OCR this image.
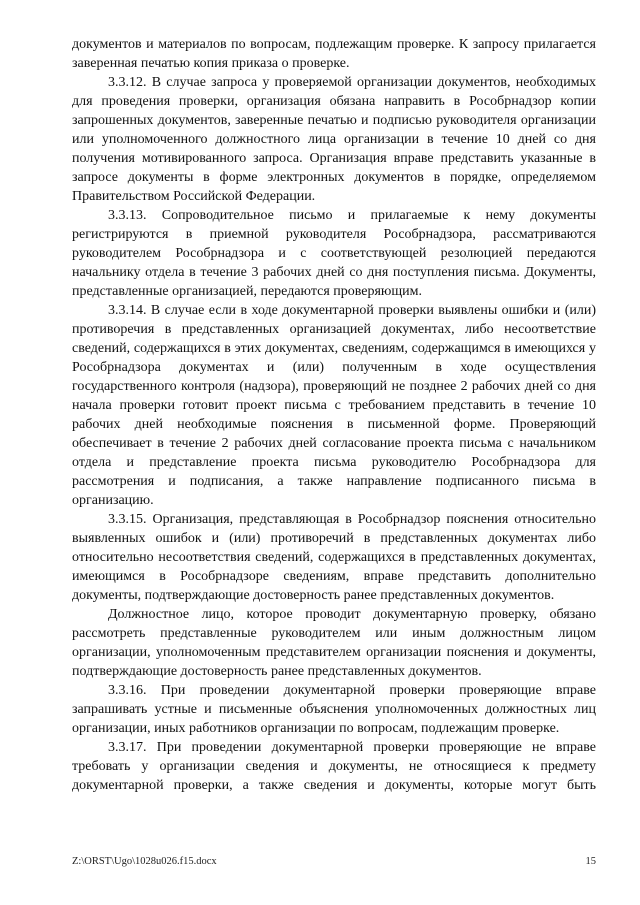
документов и материалов по вопросам, подлежащим проверке. К запросу прилагается заверенная печатью копия приказа о проверке.

3.3.12. В случае запроса у проверяемой организации документов, необходимых для проведения проверки, организация обязана направить в Рособрнадзор копии запрошенных документов, заверенные печатью и подписью руководителя организации или уполномоченного должностного лица организации в течение 10 дней со дня получения мотивированного запроса. Организация вправе представить указанные в запросе документы в форме электронных документов в порядке, определяемом Правительством Российской Федерации.

3.3.13. Сопроводительное письмо и прилагаемые к нему документы регистрируются в приемной руководителя Рособрнадзора, рассматриваются руководителем Рособрнадзора и с соответствующей резолюцией передаются начальнику отдела в течение 3 рабочих дней со дня поступления письма. Документы, представленные организацией, передаются проверяющим.

3.3.14. В случае если в ходе документарной проверки выявлены ошибки и (или) противоречия в представленных организацией документах, либо несоответствие сведений, содержащихся в этих документах, сведениям, содержащимся в имеющихся у Рособрнадзора документах и (или) полученным в ходе осуществления государственного контроля (надзора), проверяющий не позднее 2 рабочих дней со дня начала проверки готовит проект письма с требованием представить в течение 10 рабочих дней необходимые пояснения в письменной форме. Проверяющий обеспечивает в течение 2 рабочих дней согласование проекта письма с начальником отдела и представление проекта письма руководителю Рособрнадзора для рассмотрения и подписания, а также направление подписанного письма в организацию.

3.3.15. Организация, представляющая в Рособрнадзор пояснения относительно выявленных ошибок и (или) противоречий в представленных документах либо относительно несоответствия сведений, содержащихся в представленных документах, имеющимся в Рособрнадзоре сведениям, вправе представить дополнительно документы, подтверждающие достоверность ранее представленных документов.

Должностное лицо, которое проводит документарную проверку, обязано рассмотреть представленные руководителем или иным должностным лицом организации, уполномоченным представителем организации пояснения и документы, подтверждающие достоверность ранее представленных документов.

3.3.16. При проведении документарной проверки проверяющие вправе запрашивать устные и письменные объяснения уполномоченных должностных лиц организации, иных работников организации по вопросам, подлежащим проверке.

3.3.17. При проведении документарной проверки проверяющие не вправе требовать у организации сведения и документы, не относящиеся к предмету документарной проверки, а также сведения и документы, которые могут быть

Z:\ORST\Ugo\1028u026.f15.docx	15
